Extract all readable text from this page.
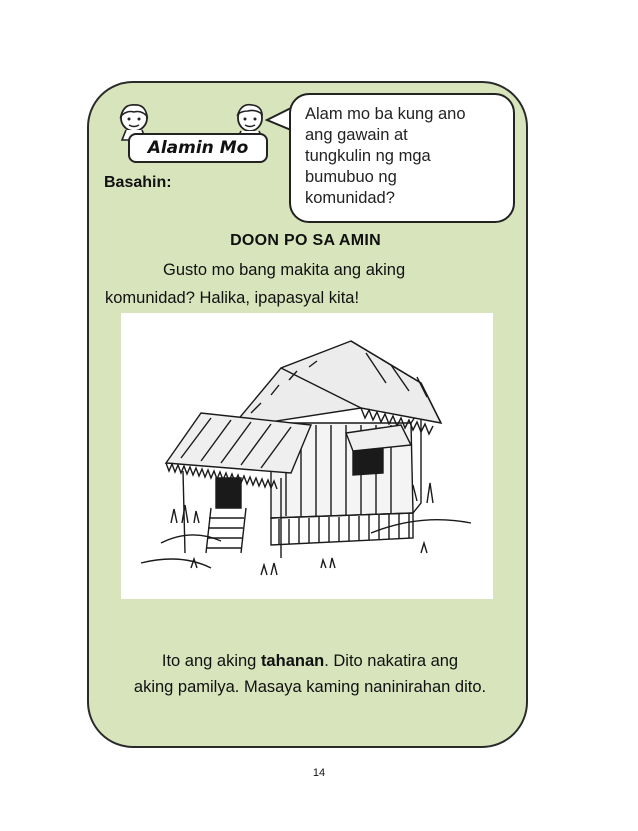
Alamin Mo
Basahin:
Alam mo ba kung ano
ang gawain at
tungkulin ng mga
bumubuo ng
komunidad?
DOON PO SA AMIN
Gusto mo bang makita ang aking
komunidad? Halika, ipapasyal kita!
Ito ang aking tahanan. Dito nakatira ang
aking pamilya. Masaya kaming naninirahan dito.
14
